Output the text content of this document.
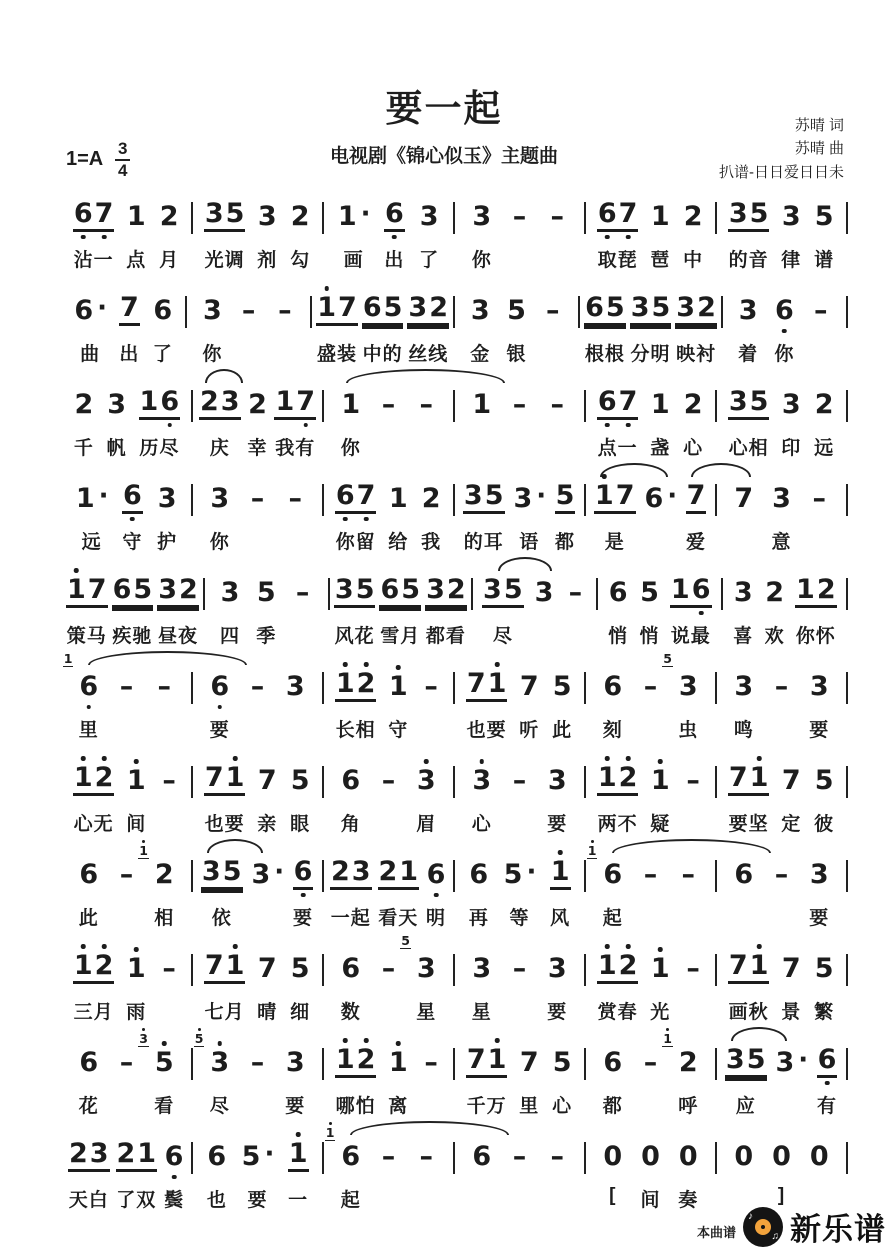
要一起
电视剧《锦心似玉》主题曲
$1=A \frac{3}{4}$
苏晴 词
苏晴 曲
扒谱-日日爱日日未
6 7
沾一
1
点
2
月
3 5
光调
3
剂
2
勾
1 ·
画
6
出
3
了
3
你
– – 6 7
取琵
1
琶
2
中
3 5
的音
3
律
5
谱
6 ·
曲
7
出
6
了
3
你
– – 1 7
盛装
6 5
中的
3 2
丝线
3
金
5
银
– 6 5
根根
3 5
分明
3 2
映衬
3
着
6
你
–
2
千
3
帆
1 6
历尽
2 3
庆
2
幸
1 7
我有
1
你
– – 1 – – 6 7
点一
1
盏
2
心
3 5
心相
3
印
2
远
1 ·
远
6
守
3
护
3
你
– – 6 7
你留
1
给
2
我
3 5
的耳
3 ·
语
5
都
1 7
是
6 · 7
爱
7 3
意
–
1 7
策马
6 5
疾驰
3 2
昼夜
3
四
5
季
– 3 5
风花
6 5
雪月
3 2
都看
3 5
尽
3 – 6
悄
5
悄
1 6
说最
3
喜
2
欢
1 2
你怀
1
6
里
– – 6
要
– 3 1 2
长相
1
守
– 7 1
也要
7
听
5
此
6
刻
–
5
3
虫
3
鸣
– 3
要
1 2
心无
1
间
– 7 1
也要
7
亲
5
眼
6
角
– 3
眉
3
心
– 3
要
1 2
两不
1
疑
– 7 1
要坚
7
定
5
彼
6
此
–
1
2
相
3 5
依
3 · 6
要
2 3
一起
2 1
看天
6
明
6
再
5 ·
等
1
风
1
6
起
– – 6 – 3
要
1 2
三月
1
雨
– 7 1
七月
7
晴
5
细
6
数
–
5
3
星
3
星
– 3
要
1 2
赏春
1
光
– 7 1
画秋
7
景
5
繁
6
花
–
3
5
看
5
3
尽
– 3
要
1 2
哪怕
1
离
– 7 1
千万
7
里
5
心
6
都
–
1
2
呼
3 5
应
3 · 6
有
2 3
天白
2 1
了双
6
鬓
6
也
5 ·
要
1
一
1
6
起
– – 6 – – 0
[
0
间
0
奏
0 0
]
0
本曲谱
♪
♫ 新乐谱
